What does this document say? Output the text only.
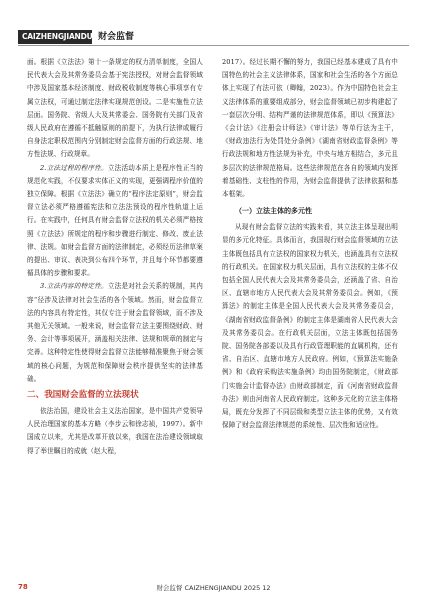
CAIZHENGJIANDU 财会监督

面。根据《立法法》第十一条规定的权力清单制度，全国人民代表大会及其常务委员会基于宪法授权，对财会监督领域中涉及国家基本经济制度、财政税收制度等核心事项享有专属立法权，可通过制定法律实现规范创设。二是实施性立法层面。国务院、省级人大及其常委会、国务院有关部门及省级人民政府在遵循不抵触原则的前提下，为执行法律或履行自身法定职权范围内分别制定财会监督方面的行政法规、地方性法规、行政规章。

2.立法过程的程序性。立法活动本质上是程序性正当的规范化实践，不仅要求实体正义的实现，更强调程序价值的独立保障。根据《立法法》确立的“程序法定原则”，财会监督立法必须严格遵循宪法和立法法预设的程序性轨道上运行。在实践中，任何具有财会监督立法权的机关必须严格按照《立法法》所规定的程序和步骤进行制定、修改、废止法律、法规。如财会监督方面的法律制定，必须经历法律草案的提出、审议、表决到公布四个环节，并且每个环节都要遵循具体的步骤和要求。

3.立法内容的特定性。立法是对社会关系的规制，其内容“径涉及法律对社会生活的各个领域。然而，财会监督立法的内容具有特定性，其仅专注于财会监督领域，而不涉及其他无关领域。一般来说，财会监督立法主要围绕财政、财务、会计等事项展开，涵盖相关法律、法规和规章的制定与完善。这种特定性使得财会监督立法能够精准聚焦于财会领域的核心问题，为规范和保障财会秩序提供坚实的法律基础。

二、我国财会监督的立法现状

依法治国，建设社会主义法治国家，是中国共产党领导人民治理国家的基本方略（李步云和徐志祯，1997）。新中国成立以来，尤其是改革开放以来，我国在法治建设领域取得了举世瞩目的成就（赵大程，

2017）。经过长期不懈的努力，我国已经基本建成了具有中国特色的社会主义法律体系，国家和社会生活的各个方面总体上实现了有法可依（卿翰，2023）。作为中国特色社会主义法律体系的重要组成部分，财会监督领域已初步构建起了一套层次分明、结构严谨的法律规范体系，即以《预算法》《会计法》《注册会计师法》《审计法》等单行法为主干，《财政违法行为处罚处分条例》《湖南省财政监督条例》等行政法规和地方性法规为补充，中央与地方相结合，多元且多层次的法律规范格局。这些法律规范在各自的领域内发挥着基础性、支柱性的作用，为财会监督提供了法律依据和基本框架。

（一）立法主体的多元性

从现有财会监督立法的实践来看，其立法主体呈现出明显的多元化特征。具体而言，我国现行财会监督领域的立法主体既包括具有立法权的国家权力机关，也涵盖具有立法权的行政机关。在国家权力机关层面，具有立法权的主体不仅包括全国人民代表大会及其常务委员会，还涵盖了省、自治区、直辖市地方人民代表大会及其常务委员会。例如，《预算法》的制定主体是全国人民代表大会及其常务委员会，《湖南省财政监督条例》的制定主体是湖南省人民代表大会及其常务委员会。在行政机关层面，立法主体既包括国务院、国务院各部委以及具有行政管理职能的直属机构，还有省、自治区、直辖市地方人民政府。例如，《预算法实施条例》和《政府采购法实施条例》均由国务院制定，《财政部门实施会计监督办法》由财政部制定，而《河南省财政监督办法》则由河南省人民政府制定。这种多元化的立法主体格局，既充分发挥了不同层级和类型立法主体的优势，又有效保障了财会监督法律规范的系统性、层次性和适应性。

78	财会监督 CAIZHENGJIANDU 2025 12
